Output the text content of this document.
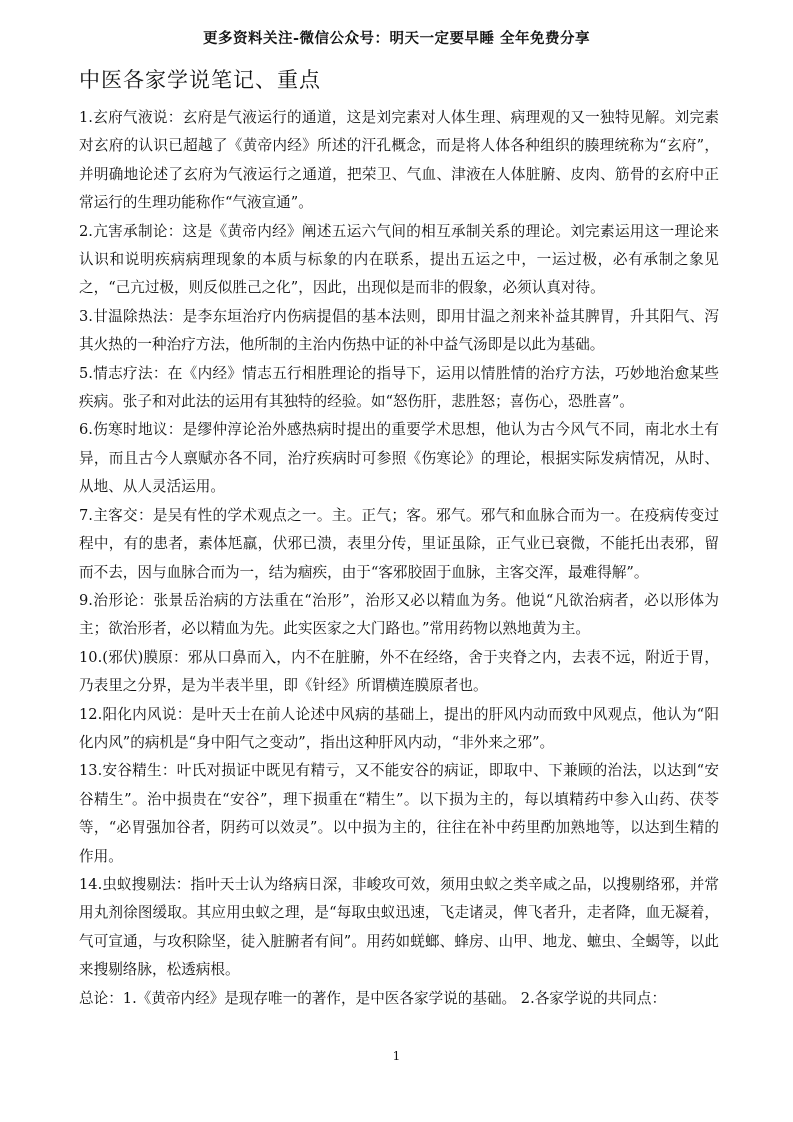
更多资料关注-微信公众号：明天一定要早睡 全年免费分享
中医各家学说笔记、重点

1.玄府气液说：玄府是气液运行的通道，这是刘完素对人体生理、病理观的又一独特见解。刘完素对玄府的认识已超越了《黄帝内经》所述的汗孔概念，而是将人体各种组织的腠理统称为“玄府”，并明确地论述了玄府为气液运行之通道，把荣卫、气血、津液在人体脏腑、皮肉、筋骨的玄府中正常运行的生理功能称作“气液宣通”。

2.亢害承制论：这是《黄帝内经》阐述五运六气间的相互承制关系的理论。刘完素运用这一理论来认识和说明疾病病理现象的本质与标象的内在联系，提出五运之中，一运过极，必有承制之象见之，“己亢过极，则反似胜己之化”，因此，出现似是而非的假象，必须认真对待。

3.甘温除热法：是李东垣治疗内伤病提倡的基本法则，即用甘温之剂来补益其脾胃，升其阳气、泻其火热的一种治疗方法，他所制的主治内伤热中证的补中益气汤即是以此为基础。

5.情志疗法：在《内经》情志五行相胜理论的指导下，运用以情胜情的治疗方法，巧妙地治愈某些疾病。张子和对此法的运用有其独特的经验。如“怒伤肝，悲胜怒；喜伤心，恐胜喜”。

6.伤寒时地议：是缪仲淳论治外感热病时提出的重要学术思想，他认为古今风气不同，南北水土有异，而且古今人禀赋亦各不同，治疗疾病时可参照《伤寒论》的理论，根据实际发病情况，从时、从地、从人灵活运用。

7.主客交：是吴有性的学术观点之一。主。正气；客。邪气。邪气和血脉合而为一。在疫病传变过程中，有的患者，素体尪羸，伏邪已溃，表里分传，里证虽除，正气业已衰微，不能托出表邪，留而不去，因与血脉合而为一，结为痼疾，由于“客邪胶固于血脉，主客交浑，最难得解”。

9.治形论：张景岳治病的方法重在“治形”，治形又必以精血为务。他说“凡欲治病者，必以形体为主；欲治形者，必以精血为先。此实医家之大门路也。”常用药物以熟地黄为主。

10.(邪伏)膜原：邪从口鼻而入，内不在脏腑，外不在经络，舍于夹脊之内，去表不远，附近于胃，乃表里之分界，是为半表半里，即《针经》所谓横连膜原者也。

12.阳化内风说：是叶天士在前人论述中风病的基础上，提出的肝风内动而致中风观点，他认为“阳化内风”的病机是“身中阳气之变动”，指出这种肝风内动，“非外来之邪”。

13.安谷精生：叶氏对损证中既见有精亏，又不能安谷的病证，即取中、下兼顾的治法，以达到“安谷精生”。治中损贵在“安谷”，理下损重在“精生”。以下损为主的，每以填精药中参入山药、茯苓等，“必胃强加谷者，阴药可以效灵”。以中损为主的，往往在补中药里酌加熟地等，以达到生精的作用。

14.虫蚁搜剔法：指叶天士认为络病日深，非峻攻可效，须用虫蚁之类辛咸之品，以搜剔络邪，并常用丸剂徐图缓取。其应用虫蚁之理，是“每取虫蚁迅速，飞走诸灵，俾飞者升，走者降，血无凝着，气可宣通，与攻积除坚，徒入脏腑者有间”。用药如蜣螂、蜂房、山甲、地龙、蟅虫、全蝎等，以此来搜剔络脉，松透病根。

总论：1.《黄帝内经》是现存唯一的著作，是中医各家学说的基础。 2.各家学说的共同点：

1
